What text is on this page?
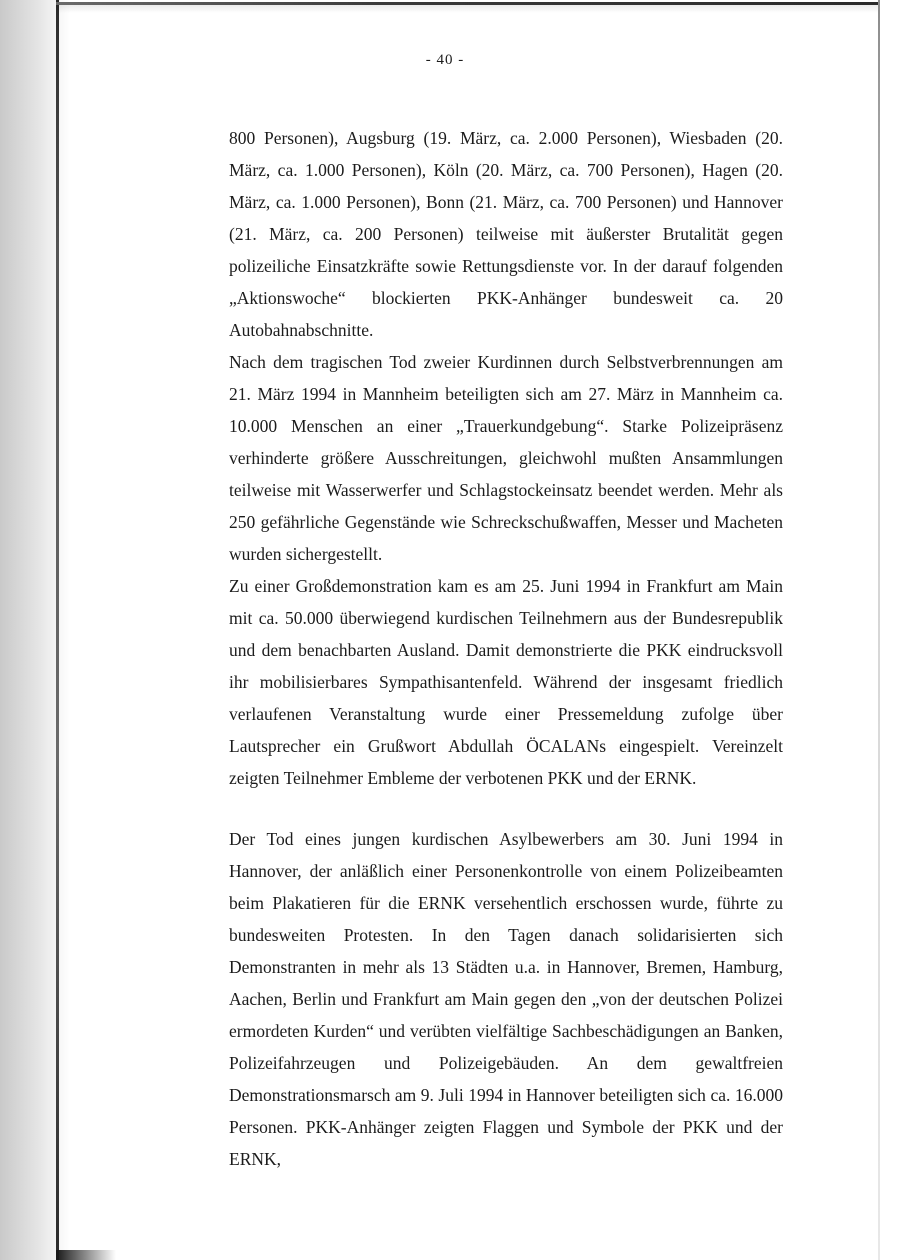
- 40 -

800 Personen), Augsburg (19. März, ca. 2.000 Personen), Wiesbaden (20. März, ca. 1.000 Personen), Köln (20. März, ca. 700 Personen), Hagen (20. März, ca. 1.000 Personen), Bonn (21. März, ca. 700 Personen) und Hannover (21. März, ca. 200 Personen) teilweise mit äußerster Brutalität gegen polizeiliche Einsatzkräfte sowie Rettungsdienste vor. In der darauf folgenden „Aktionswoche“ blockierten PKK-Anhänger bundesweit ca. 20 Autobahnabschnitte.

Nach dem tragischen Tod zweier Kurdinnen durch Selbstverbrennungen am 21. März 1994 in Mannheim beteiligten sich am 27. März in Mannheim ca. 10.000 Menschen an einer „Trauerkundgebung“. Starke Polizeipräsenz verhinderte größere Ausschreitungen, gleichwohl mußten Ansammlungen teilweise mit Wasserwerfer und Schlagstockeinsatz beendet werden. Mehr als 250 gefährliche Gegenstände wie Schreckschußwaffen, Messer und Macheten wurden sichergestellt.

Zu einer Großdemonstration kam es am 25. Juni 1994 in Frankfurt am Main mit ca. 50.000 überwiegend kurdischen Teilnehmern aus der Bundesrepublik und dem benachbarten Ausland. Damit demonstrierte die PKK eindrucksvoll ihr mobilisierbares Sympathisantenfeld. Während der insgesamt friedlich verlaufenen Veranstaltung wurde einer Pressemeldung zufolge über Lautsprecher ein Grußwort Abdullah ÖCALANs eingespielt. Vereinzelt zeigten Teilnehmer Embleme der verbotenen PKK und der ERNK.

Der Tod eines jungen kurdischen Asylbewerbers am 30. Juni 1994 in Hannover, der anläßlich einer Personenkontrolle von einem Polizeibeamten beim Plakatieren für die ERNK versehentlich erschossen wurde, führte zu bundesweiten Protesten. In den Tagen danach solidarisierten sich Demonstranten in mehr als 13 Städten u.a. in Hannover, Bremen, Hamburg, Aachen, Berlin und Frankfurt am Main gegen den „von der deutschen Polizei ermordeten Kurden“ und verübten vielfältige Sachbeschädigungen an Banken, Polizeifahrzeugen und Polizeigebäuden. An dem gewaltfreien Demonstrationsmarsch am 9. Juli 1994 in Hannover beteiligten sich ca. 16.000 Personen. PKK-Anhänger zeigten Flaggen und Symbole der PKK und der ERNK,
